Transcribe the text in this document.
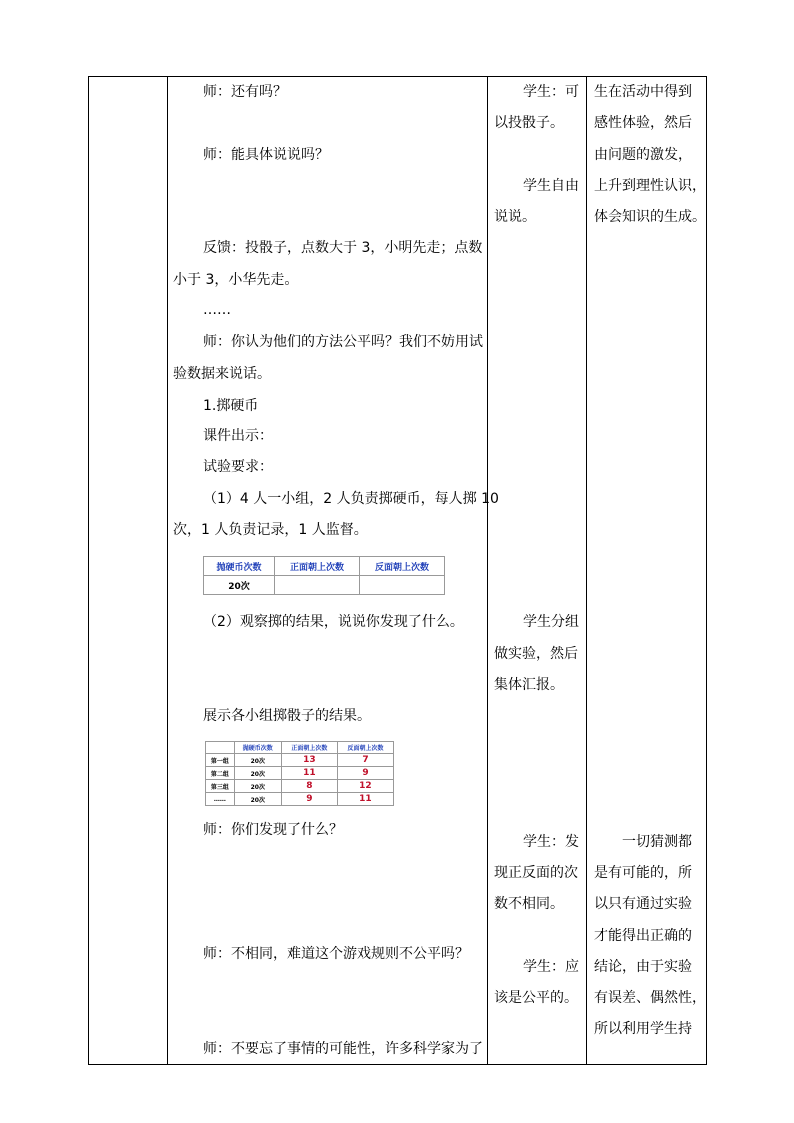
师：还有吗？
师：能具体说说吗？
反馈：投骰子，点数大于 3，小明先走；点数
小于 3，小华先走。
……
师：你认为他们的方法公平吗？我们不妨用试
验数据来说话。
1.掷硬币
课件出示：
试验要求：
（1）4 人一小组，2 人负责掷硬币，每人掷 10
次，1 人负责记录，1 人监督。
抛硬币次数	正面朝上次数	反面朝上次数
20次		
（2）观察掷的结果，说说你发现了什么。
展示各小组掷骰子的结果。
	抛硬币次数	正面朝上次数	反面朝上次数
第一组	20次	13	7
第二组	20次	11	9
第三组	20次	8	12
……	20次	9	11
师：你们发现了什么？
师：不相同，难道这个游戏规则不公平吗？
师：不要忘了事情的可能性，许多科学家为了
学生：可
以投骰子。
学生自由
说说。
学生分组
做实验，然后
集体汇报。
学生：发
现正反面的次
数不相同。
学生：应
该是公平的。
生在活动中得到
感性体验，然后
由问题的激发，
上升到理性认识，
体会知识的生成。
一切猜测都
是有可能的，所
以只有通过实验
才能得出正确的
结论，由于实验
有误差、偶然性，
所以利用学生持
